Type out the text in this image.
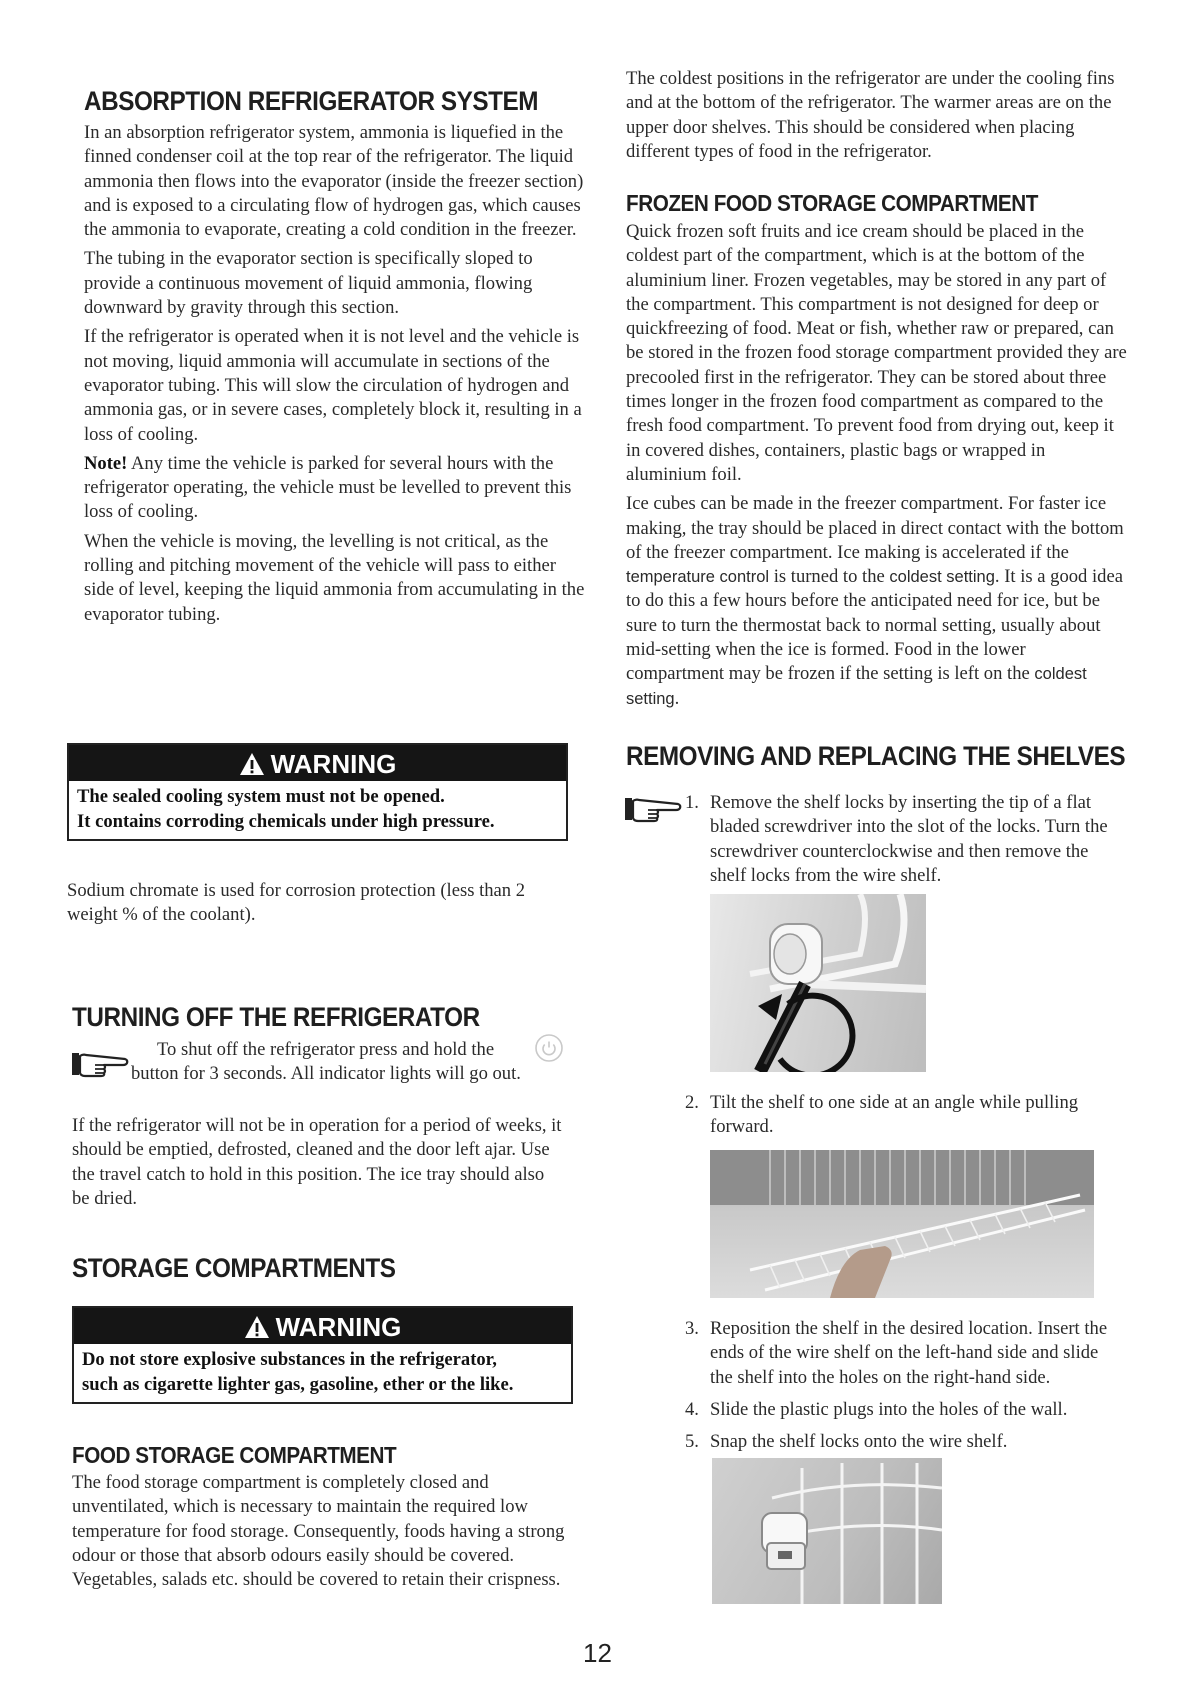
ABSORPTION REFRIGERATOR SYSTEM

In an absorption refrigerator system, ammonia is liquefied in the finned condenser coil at the top rear of the refrigerator. The liquid ammonia then flows into the evaporator (inside the freezer section) and is exposed to a circulating flow of hydrogen gas, which causes the ammonia to evaporate, creating a cold condition in the freezer.

The tubing in the evaporator section is specifically sloped to provide a continuous movement of liquid ammonia, flowing downward by gravity through this section.

If the refrigerator is operated when it is not level and the vehicle is not moving, liquid ammonia will accumulate in sections of the evaporator tubing. This will slow the circulation of hydrogen and ammonia gas, or in severe cases, completely block it, resulting in a loss of cooling.

Note! Any time the vehicle is parked for several hours with the refrigerator operating, the vehicle must be levelled to prevent this loss of cooling.

When the vehicle is moving, the levelling is not critical, as the rolling and pitching movement of the vehicle will pass to either side of level, keeping the liquid ammonia from accumulating in the evaporator tubing.

WARNING
The sealed cooling system must not be opened.
It contains corroding chemicals under high pressure.

Sodium chromate is used for corrosion protection (less than 2 weight % of the coolant).

TURNING OFF THE REFRIGERATOR
To shut off the refrigerator press and hold the
button for 3 seconds. All indicator lights will go out.

If the refrigerator will not be in operation for a period of weeks, it should be emptied, defrosted, cleaned and the door left ajar. Use the travel catch to hold in this position. The ice tray should also be dried.

STORAGE COMPARTMENTS
WARNING
Do not store explosive substances in the refrigerator,
such as cigarette lighter gas, gasoline, ether or the like.
FOOD STORAGE COMPARTMENT

The food storage compartment is completely closed and unventilated, which is necessary to maintain the required low temperature for food storage. Consequently, foods having a strong odour or those that absorb odours easily should be covered. Vegetables, salads etc. should be covered to retain their crispness.

The coldest positions in the refrigerator are under the cooling fins and at the bottom of the refrigerator. The warmer areas are on the upper door shelves. This should be considered when placing different types of food in the refrigerator.

FROZEN FOOD STORAGE COMPARTMENT

Quick frozen soft fruits and ice cream should be placed in the coldest part of the compartment, which is at the bottom of the aluminium liner. Frozen vegetables, may be stored in any part of the compartment. This compartment is not designed for deep or quickfreezing of food. Meat or fish, whether raw or prepared, can be stored in the frozen food storage compartment provided they are precooled first in the refrigerator. They can be stored about three times longer in the frozen food compartment as compared to the fresh food compartment. To prevent food from drying out, keep it in covered dishes, containers, plastic bags or wrapped in aluminium foil.

Ice cubes can be made in the freezer compartment. For faster ice making, the tray should be placed in direct contact with the bottom of the freezer compartment. Ice making is accelerated if the temperature control is turned to the coldest setting. It is a good idea to do this a few hours before the anticipated need for ice, but be sure to turn the thermostat back to normal setting, usually about mid-setting when the ice is formed. Food in the lower compartment may be frozen if the setting is left on the coldest setting.

REMOVING AND REPLACING THE SHELVES
1. Remove the shelf locks by inserting the tip of a flat bladed screwdriver into the slot of the locks. Turn the screwdriver counterclockwise and then remove the shelf locks from the wire shelf.
2. Tilt the shelf to one side at an angle while pulling forward.
3. Reposition the shelf in the desired location. Insert the ends of the wire shelf on the left-hand side and slide the shelf into the holes on the right-hand side.
4. Slide the plastic plugs into the holes of the wall.
5. Snap the shelf locks onto the wire shelf.
12
